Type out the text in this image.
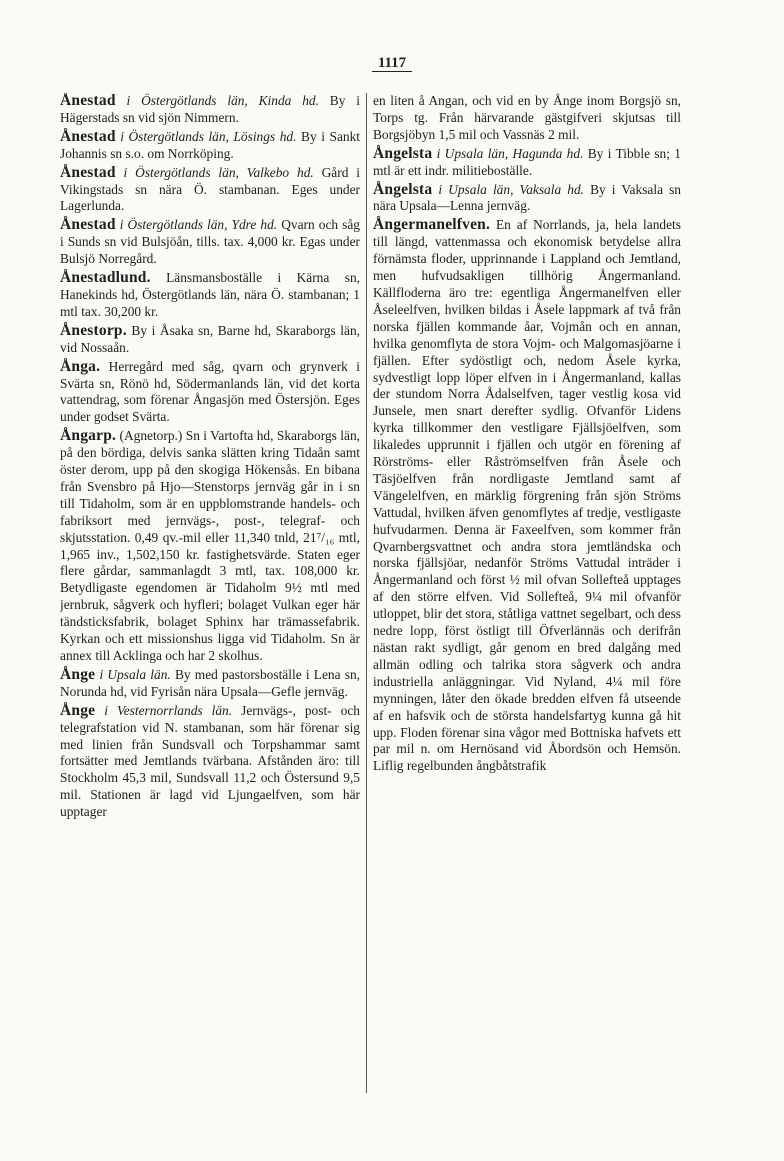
1117

Ånestad i Östergötlands län, Kinda hd. By i Hägerstads sn vid sjön Nimmern.

Ånestad i Östergötlands län, Lösings hd. By i Sankt Johannis sn s.o. om Norrköping.

Ånestad i Östergötlands län, Valkebo hd. Gård i Vikingstads sn nära Ö. stambanan. Eges under Lagerlunda.

Ånestad i Östergötlands län, Ydre hd. Qvarn och såg i Sunds sn vid Bulsjöån, tills. tax. 4,000 kr. Egas under Bulsjö Norregård.

Ånestadlund. Länsmansboställe i Kärna sn, Hanekinds hd, Östergötlands län, nära Ö. stambanan; 1 mtl tax. 30,200 kr.

Ånestorp. By i Åsaka sn, Barne hd, Skaraborgs län, vid Nossaån.

Ånga. Herregård med såg, qvarn och grynverk i Svärta sn, Rönö hd, Södermanlands län, vid det korta vattendrag, som förenar Ångasjön med Östersjön. Eges under godset Svärta.

Ångarp. (Agnetorp.) Sn i Vartofta hd, Skaraborgs län, på den bördiga, delvis sanka slätten kring Tidaån samt öster derom, upp på den skogiga Hökensås. En bibana från Svensbro på Hjo—Stenstorps jernväg går in i sn till Tidaholm, som är en uppblomstrande handels- och fabriksort med jernvägs-, post-, telegraf- och skjutsstation. 0,49 qv.-mil eller 11,340 tnld, 21⁷/₁₆ mtl, 1,965 inv., 1,502,150 kr. fastighetsvärde. Staten eger flere gårdar, sammanlagdt 3 mtl, tax. 108,000 kr. Betydligaste egendomen är Tidaholm 9½ mtl med jernbruk, sågverk och hyfleri; bolaget Vulkan eger här tändsticksfabrik, bolaget Sphinx har trämassefabrik. Kyrkan och ett missionshus ligga vid Tidaholm. Sn är annex till Acklinga och har 2 skolhus.

Ånge i Upsala län. By med pastorsboställe i Lena sn, Norunda hd, vid Fyrisån nära Upsala—Gefle jernväg.

Ånge i Vesternorrlands län. Jernvägs-, post- och telegrafstation vid N. stambanan, som här förenar sig med linien från Sundsvall och Torpshammar samt fortsätter med Jemtlands tvärbana. Afstånden äro: till Stockholm 45,3 mil, Sundsvall 11,2 och Östersund 9,5 mil. Stationen är lagd vid Ljungaelfven, som här upptager

en liten å Angan, och vid en by Ånge inom Borgsjö sn, Torps tg. Från härvarande gästgifveri skjutsas till Borgsjöbyn 1,5 mil och Vassnäs 2 mil.

Ångelsta i Upsala län, Hagunda hd. By i Tibble sn; 1 mtl är ett indr. militieboställe.

Ångelsta i Upsala län, Vaksala hd. By i Vaksala sn nära Upsala—Lenna jernväg.

Ångermanelfven. En af Norrlands, ja, hela landets till längd, vattenmassa och ekonomisk betydelse allra förnämsta floder, upprinnande i Lappland och Jemtland, men hufvudsakligen tillhörig Ångermanland. Källfloderna äro tre: egentliga Ångermanelfven eller Åseleelfven, hvilken bildas i Åsele lappmark af två från norska fjällen kommande åar, Vojmån och en annan, hvilka genomflyta de stora Vojm- och Malgomasjöarne i fjällen. Efter sydöstligt och, nedom Åsele kyrka, sydvestligt lopp löper elfven in i Ångermanland, kallas der stundom Norra Ådalselfven, tager vestlig kosa vid Junsele, men snart derefter sydlig. Ofvanför Lidens kyrka tillkommer den vestligare Fjällsjöelfven, som likaledes upprunnit i fjällen och utgör en förening af Rörströms- eller Råströmselfven från Åsele och Täsjöelfven från nordligaste Jemtland samt af Vängelelfven, en märklig förgrening från sjön Ströms Vattudal, hvilken äfven genomflytes af tredje, vestligaste hufvudarmen. Denna är Faxeelfven, som kommer från Qvarnbergsvattnet och andra stora jemtländska och norska fjällsjöar, nedanför Ströms Vattudal inträder i Ångermanland och först ½ mil ofvan Sollefteå upptages af den större elfven. Vid Sollefteå, 9¼ mil ofvanför utloppet, blir det stora, ståtliga vattnet segelbart, och dess nedre lopp, först östligt till Öfverlännäs och derifrån nästan rakt sydligt, går genom en bred dalgång med allmän odling och talrika stora sågverk och andra industriella anläggningar. Vid Nyland, 4¼ mil före mynningen, låter den ökade bredden elfven få utseende af en hafsvik och de största handelsfartyg kunna gå hit upp. Floden förenar sina vågor med Bottniska hafvets ett par mil n. om Hernösand vid Åbordsön och Hemsön. Liflig regelbunden ångbåtstrafik
